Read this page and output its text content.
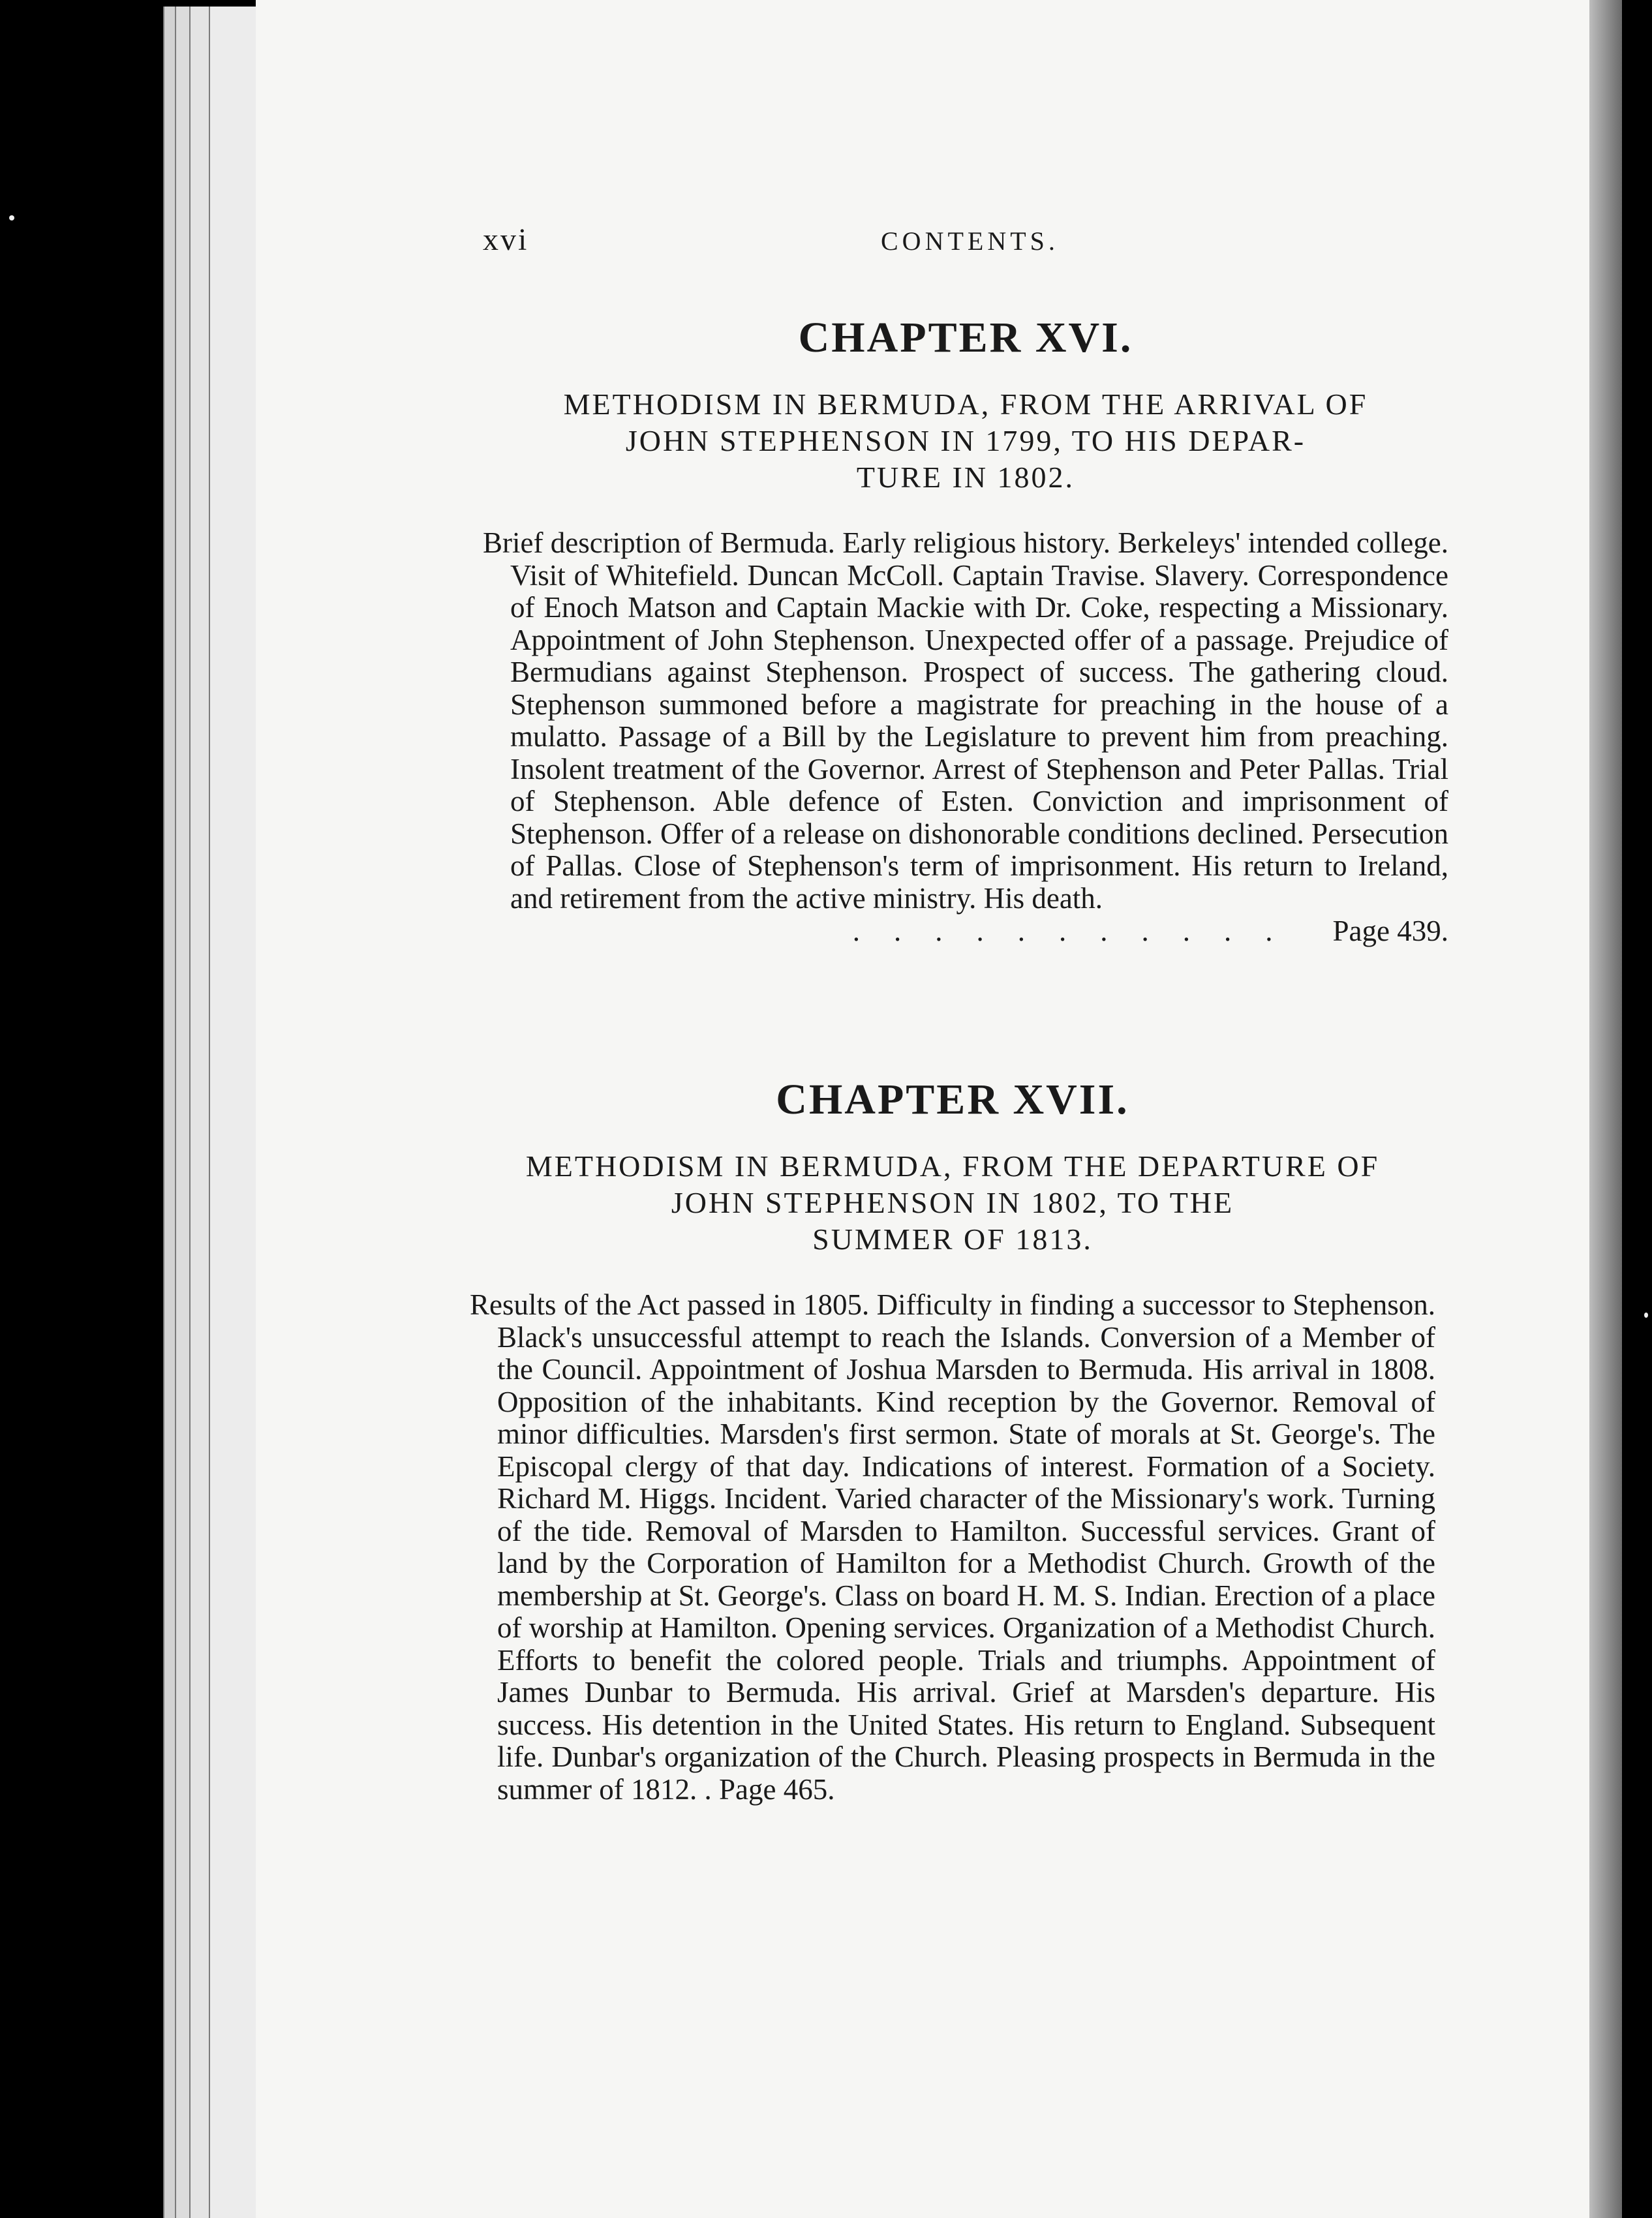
xvi	CONTENTS.
CHAPTER XVI.
METHODISM IN BERMUDA, FROM THE ARRIVAL OF
JOHN STEPHENSON IN 1799, TO HIS DEPAR-
TURE IN 1802.

Brief description of Bermuda. Early religious history. Berkeleys' intended college. Visit of Whitefield. Duncan McColl. Captain Travise. Slavery. Correspondence of Enoch Matson and Captain Mackie with Dr. Coke, respecting a Missionary. Appointment of John Stephenson. Unexpected offer of a passage. Prejudice of Bermudians against Stephenson. Prospect of success. The gathering cloud. Stephenson summoned before a magistrate for preaching in the house of a mulatto. Passage of a Bill by the Legislature to prevent him from preaching. Insolent treatment of the Governor. Arrest of Stephenson and Peter Pallas. Trial of Stephenson. Able defence of Esten. Conviction and imprisonment of Stephenson. Offer of a release on dishonorable conditions declined. Persecution of Pallas. Close of Stephenson's term of imprisonment. His return to Ireland, and retirement from the active ministry. His death.

........... Page 439.

CHAPTER XVII.
METHODISM IN BERMUDA, FROM THE DEPARTURE OF
JOHN STEPHENSON IN 1802, TO THE
SUMMER OF 1813.

Results of the Act passed in 1805. Difficulty in finding a successor to Stephenson. Black's unsuccessful attempt to reach the Islands. Conversion of a Member of the Council. Appointment of Joshua Marsden to Bermuda. His arrival in 1808. Opposition of the inhabitants. Kind reception by the Governor. Removal of minor difficulties. Marsden's first sermon. State of morals at St. George's. The Episcopal clergy of that day. Indications of interest. Formation of a Society. Richard M. Higgs. Incident. Varied character of the Missionary's work. Turning of the tide. Removal of Marsden to Hamilton. Successful services. Grant of land by the Corporation of Hamilton for a Methodist Church. Growth of the membership at St. George's. Class on board H. M. S. Indian. Erection of a place of worship at Hamilton. Opening services. Organization of a Methodist Church. Efforts to benefit the colored people. Trials and triumphs. Appointment of James Dunbar to Bermuda. His arrival. Grief at Marsden's departure. His success. His detention in the United States. His return to England. Subsequent life. Dunbar's organization of the Church. Pleasing prospects in Bermuda in the summer of 1812. . Page 465.
